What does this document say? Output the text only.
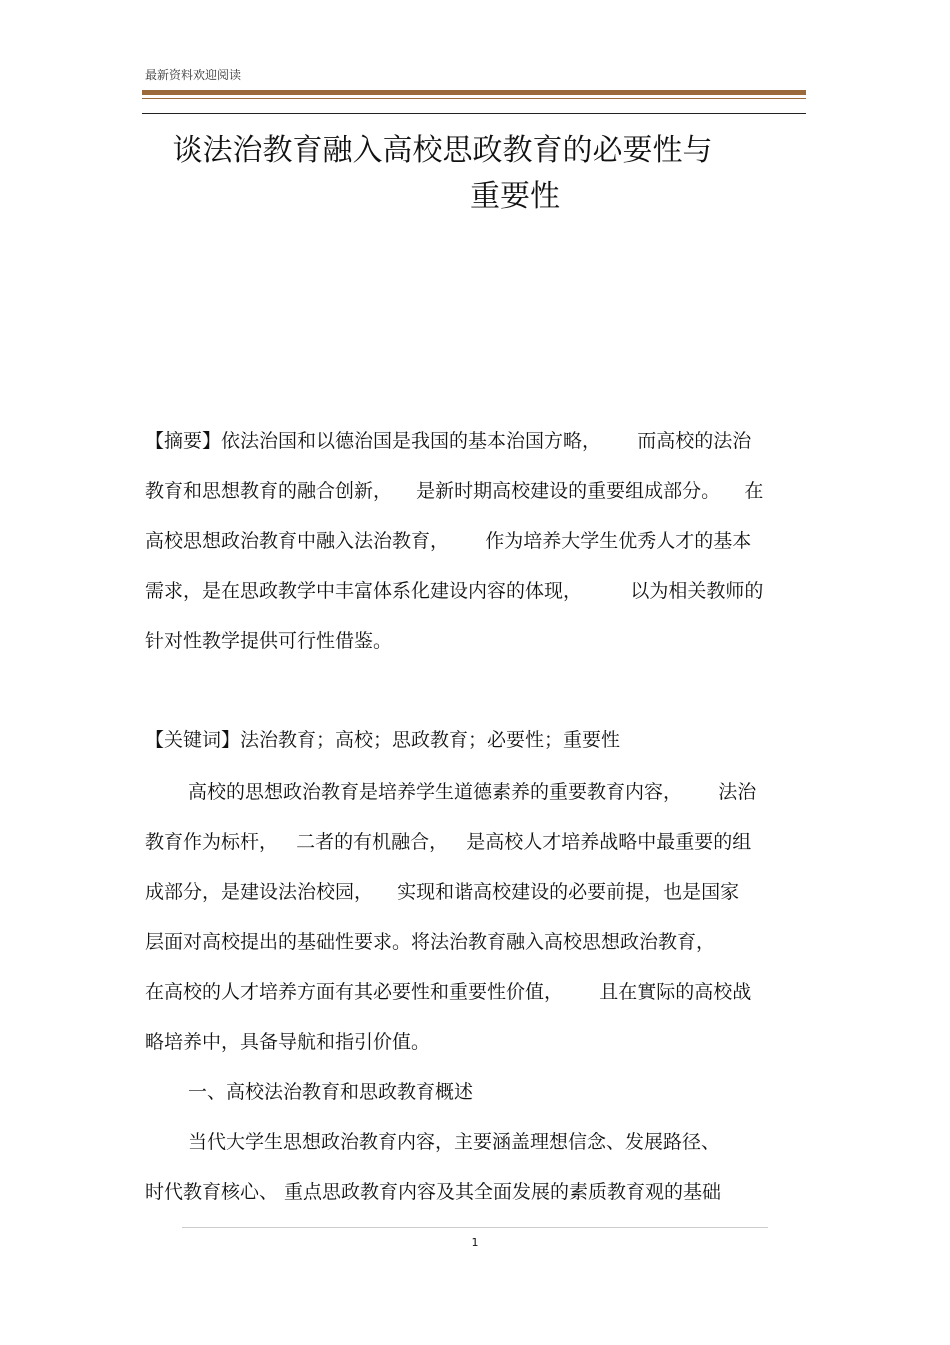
最新资料欢迎阅读
谈法治教育融入高校思政教育的必要性与
重要性
【摘要】依法治国和以德治国是我国的基本治国方略，      而高校的法治
教育和思想教育的融合创新，    是新时期高校建设的重要组成部分。    在
高校思想政治教育中融入法治教育，      作为培养大学生优秀人才的基本
需求，是在思政教学中丰富体系化建设内容的体现，        以为相关教师的
针对性教学提供可行性借鉴。
【关键词】法治教育；高校；思政教育；必要性；重要性
高校的思想政治教育是培养学生道德素养的重要教育内容，      法治
教育作为标杆，   二者的有机融合，   是高校人才培养战略中最重要的组
成部分，是建设法治校园，    实现和谐高校建设的必要前提，也是国家
层面对高校提出的基础性要求。将法治教育融入高校思想政治教育，
在高校的人才培养方面有其必要性和重要性价值，      且在實际的高校战
略培养中，具备导航和指引价值。
一、高校法治教育和思政教育概述
当代大学生思想政治教育内容，主要涵盖理想信念、发展路径、
时代教育核心、 重点思政教育内容及其全面发展的素质教育观的基础
1
